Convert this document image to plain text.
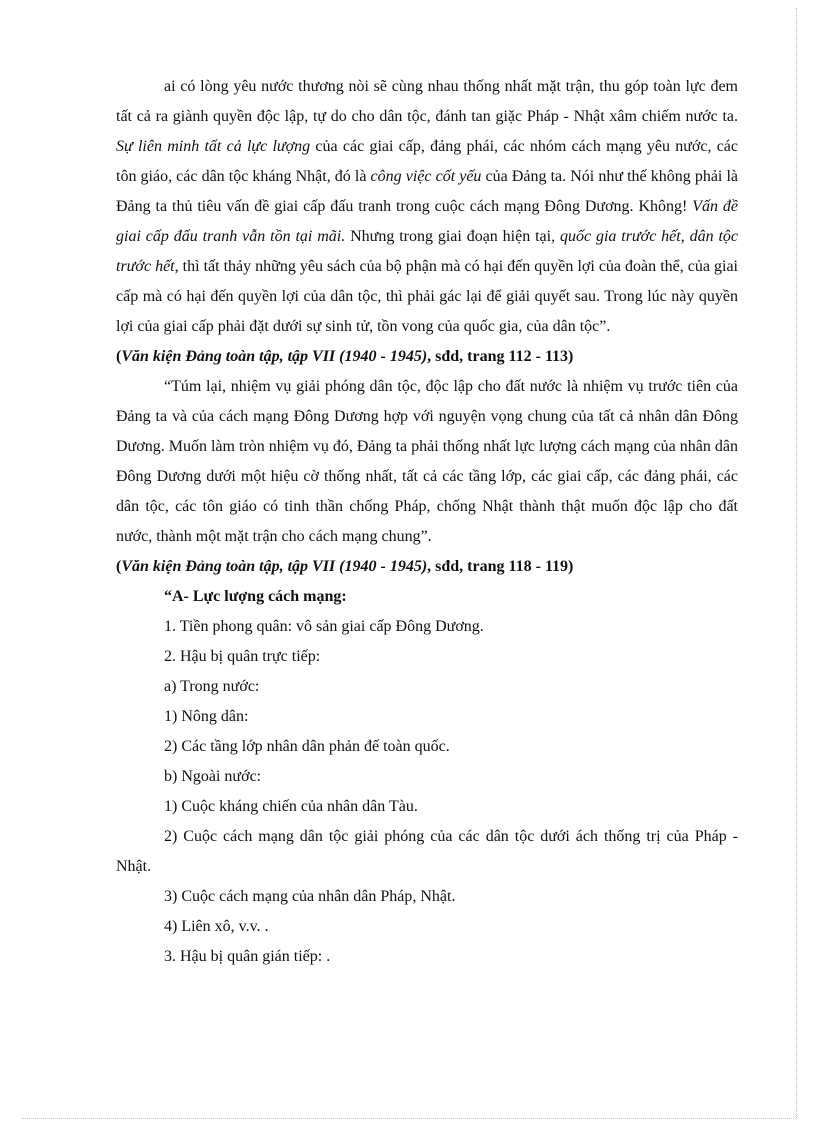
ai có lòng yêu nước thương nòi sẽ cùng nhau thống nhất mặt trận, thu góp toàn lực đem tất cả ra giành quyền độc lập, tự do cho dân tộc, đánh tan giặc Pháp - Nhật xâm chiếm nước ta. Sự liên minh tất cả lực lượng của các giai cấp, đảng phái, các nhóm cách mạng yêu nước, các tôn giáo, các dân tộc kháng Nhật, đó là công việc cốt yếu của Đảng ta. Nói như thế không phải là Đảng ta thủ tiêu vấn đề giai cấp đấu tranh trong cuộc cách mạng Đông Dương. Không! Vấn đề giai cấp đấu tranh vẫn tồn tại mãi. Nhưng trong giai đoạn hiện tại, quốc gia trước hết, dân tộc trước hết, thì tất thảy những yêu sách của bộ phận mà có hại đến quyền lợi của đoàn thể, của giai cấp mà có hại đến quyền lợi của dân tộc, thì phải gác lại để giải quyết sau. Trong lúc này quyền lợi của giai cấp phải đặt dưới sự sinh tử, tồn vong của quốc gia, của dân tộc”.

(Văn kiện Đảng toàn tập, tập VII (1940 - 1945), sđd, trang 112 - 113)

“Túm lại, nhiệm vụ giải phóng dân tộc, độc lập cho đất nước là nhiệm vụ trước tiên của Đảng ta và của cách mạng Đông Dương hợp với nguyện vọng chung của tất cả nhân dân Đông Dương. Muốn làm tròn nhiệm vụ đó, Đảng ta phải thống nhất lực lượng cách mạng của nhân dân Đông Dương dưới một hiệu cờ thống nhất, tất cả các tầng lớp, các giai cấp, các đảng phái, các dân tộc, các tôn giáo có tinh thần chống Pháp, chống Nhật thành thật muốn độc lập cho đất nước, thành một mặt trận cho cách mạng chung”.

(Văn kiện Đảng toàn tập, tập VII (1940 - 1945), sđd, trang 118 - 119)

“A- Lực lượng cách mạng:

1. Tiền phong quân: vô sản giai cấp Đông Dương.

2. Hậu bị quân trực tiếp:

a) Trong nước:

1) Nông dân:

2) Các tầng lớp nhân dân phản đế toàn quốc.

b) Ngoài nước:

1) Cuộc kháng chiến của nhân dân Tàu.

2) Cuộc cách mạng dân tộc giải phóng của các dân tộc dưới ách thống trị của Pháp - Nhật.

3) Cuộc cách mạng của nhân dân Pháp, Nhật.

4) Liên xô, v.v. .

3. Hậu bị quân gián tiếp: .
